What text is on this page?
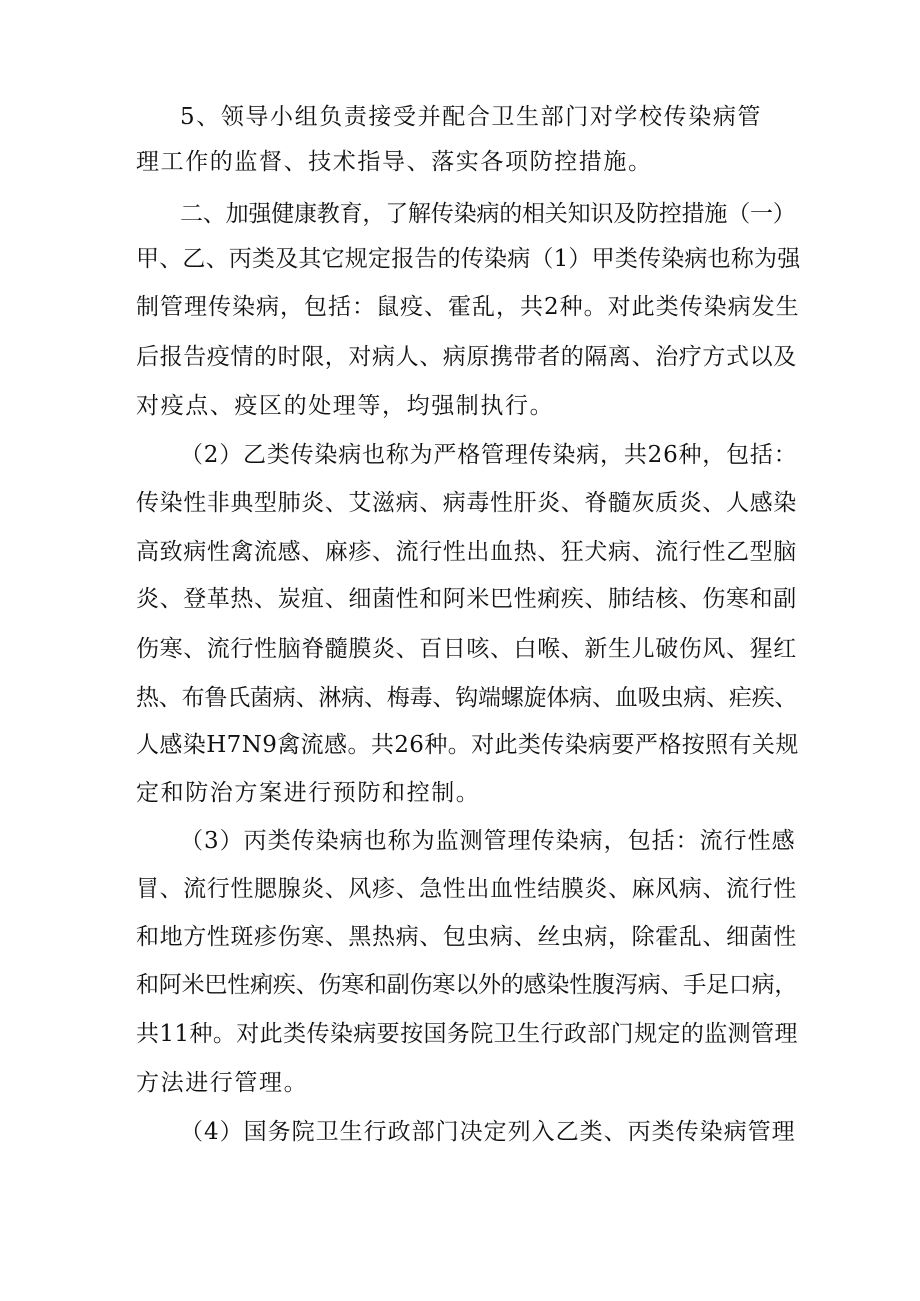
5、领导小组负责接受并配合卫生部门对学校传染病管

理工作的监督、技术指导、落实各项防控措施。

二、加强健康教育，了解传染病的相关知识及防控措施（一）

甲、乙、丙类及其它规定报告的传染病（1）甲类传染病也称为强

制管理传染病，包括：鼠疫、霍乱，共2种。对此类传染病发生

后报告疫情的时限，对病人、病原携带者的隔离、治疗方式以及

对疫点、疫区的处理等，均强制执行。

（2）乙类传染病也称为严格管理传染病，共26种，包括：

传染性非典型肺炎、艾滋病、病毒性肝炎、脊髓灰质炎、人感染

高致病性禽流感、麻疹、流行性出血热、狂犬病、流行性乙型脑

炎、登革热、炭疽、细菌性和阿米巴性痢疾、肺结核、伤寒和副

伤寒、流行性脑脊髓膜炎、百日咳、白喉、新生儿破伤风、猩红

热、布鲁氏菌病、淋病、梅毒、钩端螺旋体病、血吸虫病、疟疾、

人感染H7N9禽流感。共26种。对此类传染病要严格按照有关规

定和防治方案进行预防和控制。

（3）丙类传染病也称为监测管理传染病，包括：流行性感

冒、流行性腮腺炎、风疹、急性出血性结膜炎、麻风病、流行性

和地方性斑疹伤寒、黑热病、包虫病、丝虫病，除霍乱、细菌性

和阿米巴性痢疾、伤寒和副伤寒以外的感染性腹泻病、手足口病，

共11种。对此类传染病要按国务院卫生行政部门规定的监测管理

方法进行管理。

（4）国务院卫生行政部门决定列入乙类、丙类传染病管理
